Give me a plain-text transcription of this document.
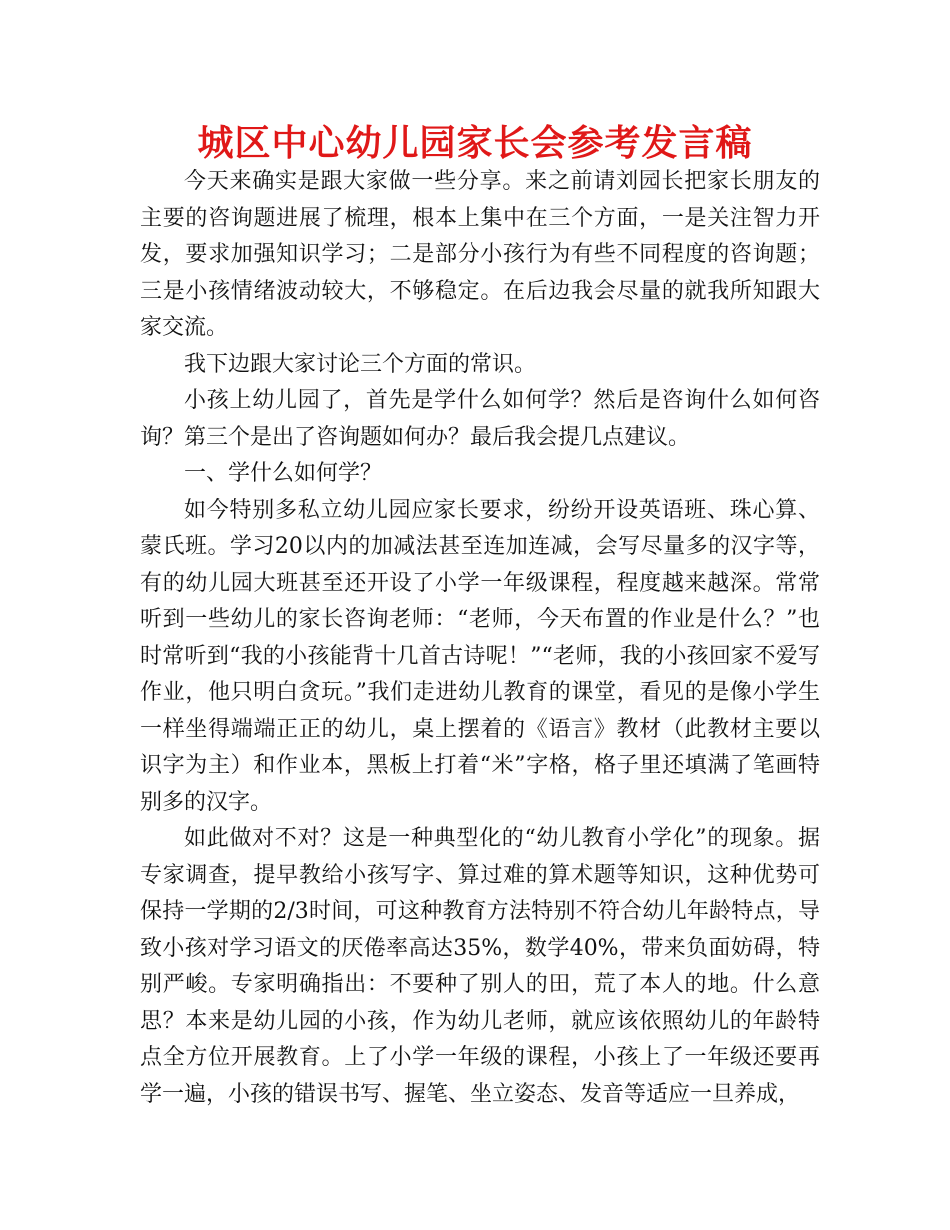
城区中心幼儿园家长会参考发言稿

今天来确实是跟大家做一些分享。来之前请刘园长把家长朋友的主要的咨询题进展了梳理，根本上集中在三个方面，一是关注智力开发，要求加强知识学习；二是部分小孩行为有些不同程度的咨询题；三是小孩情绪波动较大，不够稳定。在后边我会尽量的就我所知跟大家交流。

我下边跟大家讨论三个方面的常识。

小孩上幼儿园了，首先是学什么如何学？然后是咨询什么如何咨询？第三个是出了咨询题如何办？最后我会提几点建议。

一、学什么如何学？

如今特别多私立幼儿园应家长要求，纷纷开设英语班、珠心算、蒙氏班。学习20以内的加减法甚至连加连减，会写尽量多的汉字等，有的幼儿园大班甚至还开设了小学一年级课程，程度越来越深。常常听到一些幼儿的家长咨询老师：“老师，今天布置的作业是什么？”也时常听到“我的小孩能背十几首古诗呢！”“老师，我的小孩回家不爱写作业，他只明白贪玩。”我们走进幼儿教育的课堂，看见的是像小学生一样坐得端端正正的幼儿，桌上摆着的《语言》教材（此教材主要以识字为主）和作业本，黑板上打着“米”字格，格子里还填满了笔画特别多的汉字。

如此做对不对？这是一种典型化的“幼儿教育小学化”的现象。据专家调查，提早教给小孩写字、算过难的算术题等知识，这种优势可保持一学期的2/3时间，可这种教育方法特别不符合幼儿年龄特点，导致小孩对学习语文的厌倦率高达35%，数学40%，带来负面妨碍，特别严峻。专家明确指出：不要种了别人的田，荒了本人的地。什么意思？本来是幼儿园的小孩，作为幼儿老师，就应该依照幼儿的年龄特点全方位开展教育。上了小学一年级的课程，小孩上了一年级还要再学一遍，小孩的错误书写、握笔、坐立姿态、发音等适应一旦养成，
